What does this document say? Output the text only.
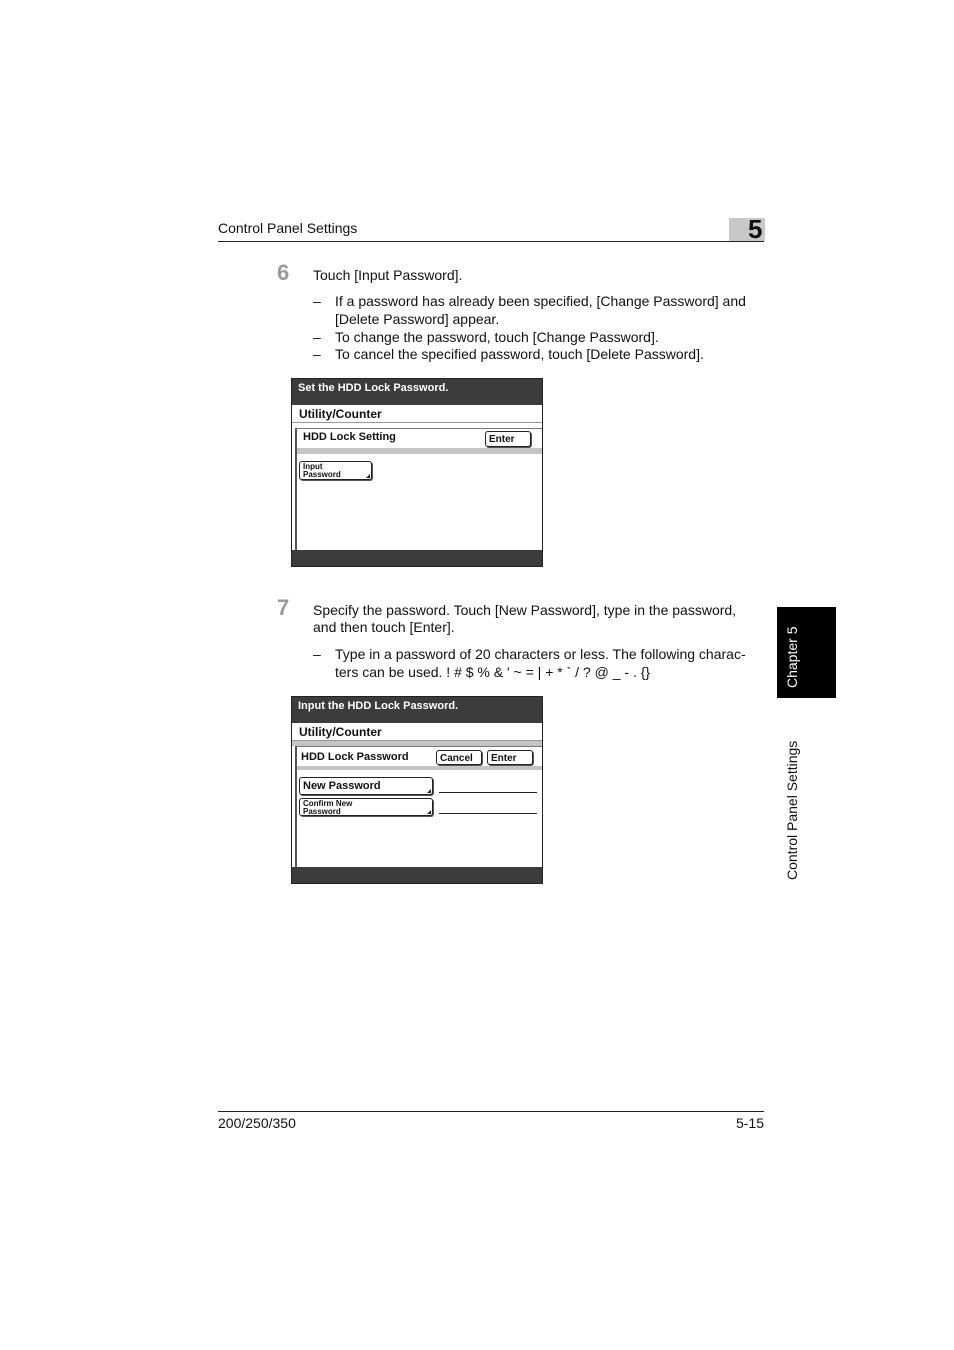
Control Panel Settings	5
6 Touch [Input Password].
– If a password has already been specified, [Change Password] and
[Delete Password] appear.
– To change the password, touch [Change Password].
– To cancel the specified password, touch [Delete Password].
Set the HDD Lock Password.
Utility/Counter
HDD Lock Setting	Enter
Input
Password
7 Specify the password. Touch [New Password], type in the password,
and then touch [Enter].
– Type in a password of 20 characters or less. The following charac-
ters can be used. ! # $ % & ' ~ = | + * ` / ? @ _ - . {}
Input the HDD Lock Password.
Utility/Counter
HDD Lock Password	Cancel	Enter
New Password
Confirm New
Password
Chapter 5
Control Panel Settings
200/250/350	5-15
